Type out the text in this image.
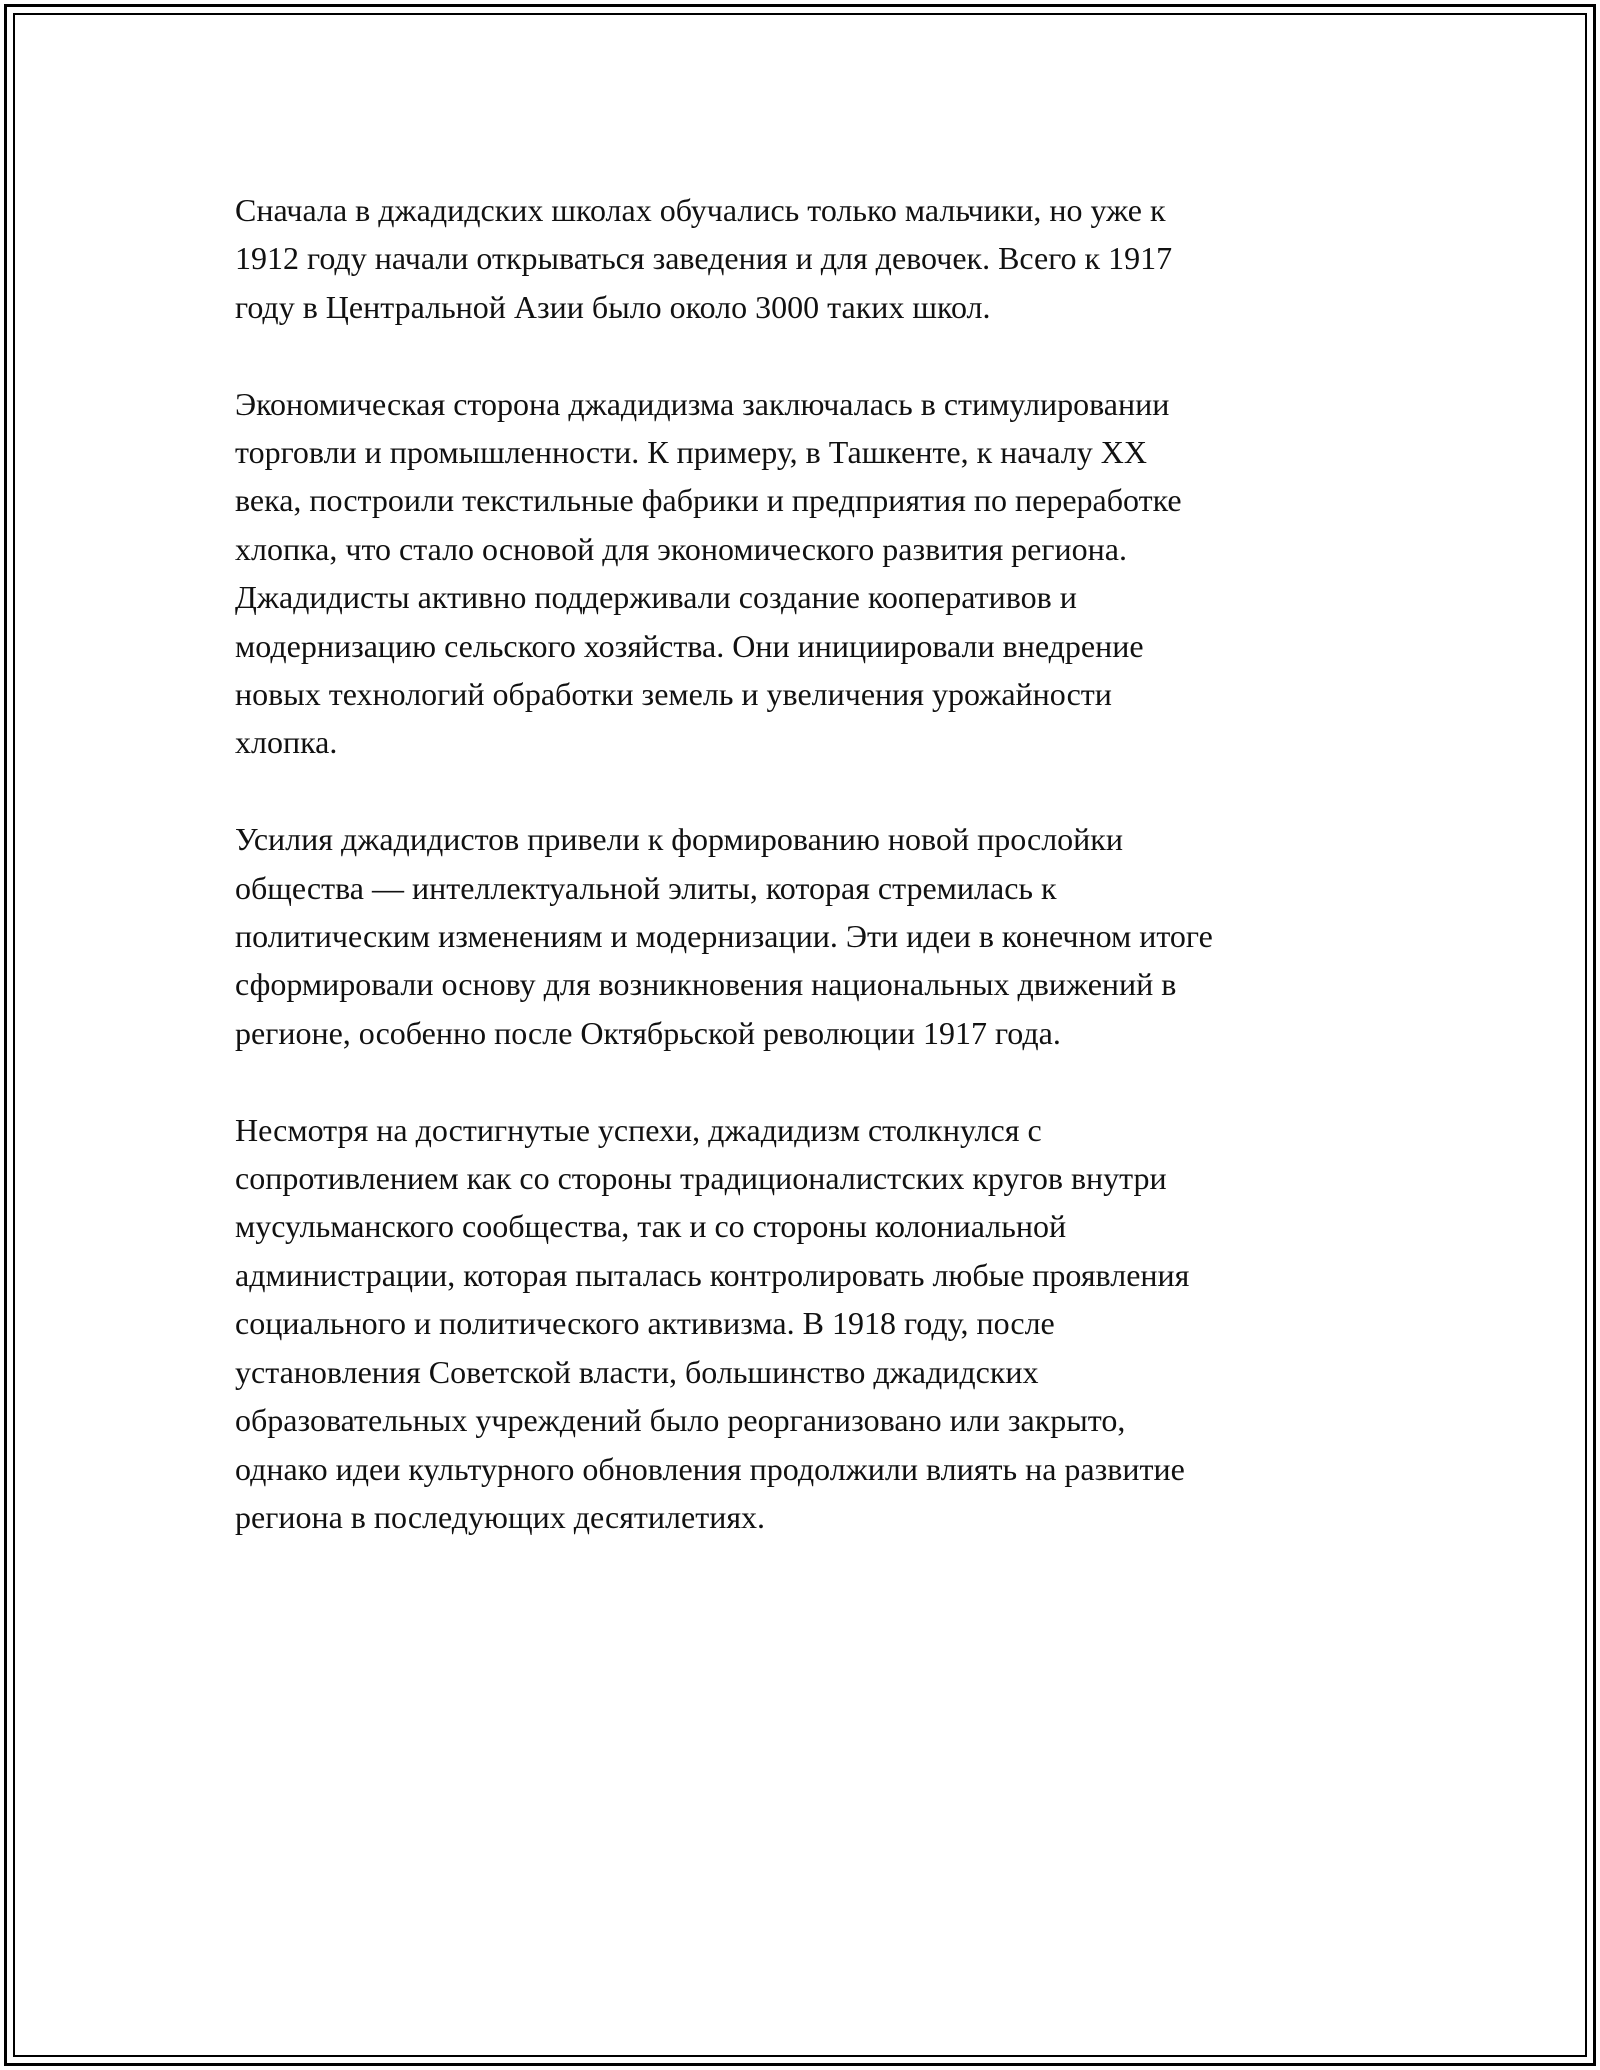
Сначала в джадидских школах обучались только мальчики, но уже к
1912 году начали открываться заведения и для девочек. Всего к 1917
году в Центральной Азии было около 3000 таких школ.

Экономическая сторона джадидизма заключалась в стимулировании
торговли и промышленности. К примеру, в Ташкенте, к началу XX
века, построили текстильные фабрики и предприятия по переработке
хлопка, что стало основой для экономического развития региона.
Джадидисты активно поддерживали создание кооперативов и
модернизацию сельского хозяйства. Они инициировали внедрение
новых технологий обработки земель и увеличения урожайности
хлопка.

Усилия джадидистов привели к формированию новой прослойки
общества — интеллектуальной элиты, которая стремилась к
политическим изменениям и модернизации. Эти идеи в конечном итоге
сформировали основу для возникновения национальных движений в
регионе, особенно после Октябрьской революции 1917 года.

Несмотря на достигнутые успехи, джадидизм столкнулся с
сопротивлением как со стороны традиционалистских кругов внутри
мусульманского сообщества, так и со стороны колониальной
администрации, которая пыталась контролировать любые проявления
социального и политического активизма. В 1918 году, после
установления Советской власти, большинство джадидских
образовательных учреждений было реорганизовано или закрыто,
однако идеи культурного обновления продолжили влиять на развитие
региона в последующих десятилетиях.
